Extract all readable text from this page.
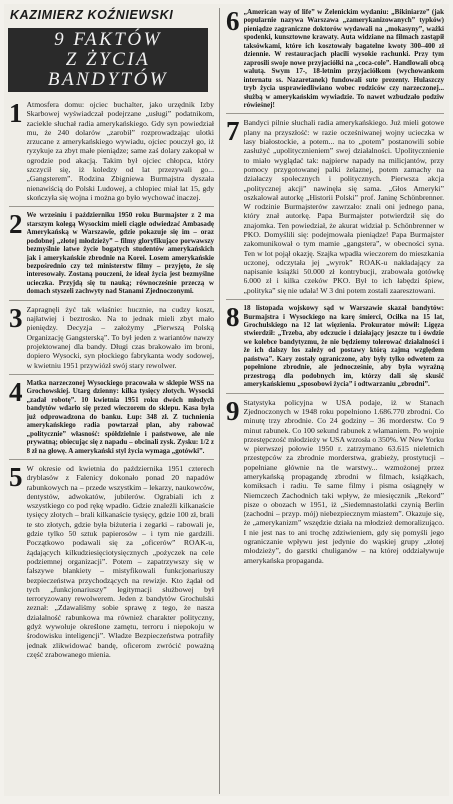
KAZIMIERZ KOŹNIEWSKI
9 FAKTÓW
Z ŻYCIA BANDYTÓW
1 Atmosfera domu: ojciec buchalter, jako urzędnik Izby Skarbowej wyświadczał podejrzane „usługi” podatnikom, zaciekle słuchał radia amerykańskiego. Gdy syn powiedział mu, że 240 dolarów „zarobił” rozprowadzając ulotki zrzucane z amerykańskiego wywiadu, ojciec pouczył go, iż ryzykuje za zbyt małe pieniądze; same zaś dolary zakopał w ogrodzie pod akacją. Takim był ojciec chłopca, który szczycił się, iż koledzy od lat przezywali go... „Gangsterem”. Rodzina Zbigniewa Burmajstra dyszała nienawiścią do Polski Ludowej, a chłopiec miał lat 15, gdy skończyła się wojna i można go było wychować inaczej.

2 We wrześniu i październiku 1950 roku Burmajster z 2 ma starszym kolegą Wysockim mieli ciągle odwiedzać Ambasadę Amerykańską w Warszawie, gdzie pokazuje się im – oraz podobnej „złotej młodzieży” – filmy gloryfikujące porwawszy bezmyślnie łatwe życie bogatych studentów amerykańskich jak i amerykańskie zbrodnie na Korei. Losem amerykańskie bezpośrednio czy też ministerstw filmy – przyjęto, że się interesowały. Zostaną pouczeni, że ideał życia jest bezmyślne ucieczka. Przyjdą się tu nauką; równocześnie przeczą w domach styszeli zachwyty nad Stanami Zjednoczonymi.

3 Zapragnęli żyć tak właśnie: hucznie, na cudzy koszt, najłatwiej i beztrosko. Na to jednak mieli zbyt mało pieniędzy. Decyzja – założymy „Pierwszą Polską Organizację Gangsterską”. To był jeden z wariantów nawzy projektowanej dla bandy. Długi czas brakowało im broni, dopiero Wysocki, syn płockiego fabrykanta wody sodowej, w kwietniu 1951 przywiózł swój stary rewolwer.

4 Matka narzeczonej Wysockiego pracowała w sklepie WSS na Grochowskiej. Utarg dzienny: kilka tysięcy złotych. Wysocki „zadał robotę”. 10 kwietnia 1951 roku dwóch młodych bandytów wdarło się przed wieczorem do sklepu. Kasa była już odprowadzona do banku. Łup: 348 zł. Z tuchnienia amerykańskiego radia powtarzał plan, aby rabować „politycznie” własność: spółdzielnie i państwowe, ale nie prywatną; obiecując się z napadu – obcinali zysk. Zysku: 1/2 z 8 zł na głowę. A amerykański styl życia wymaga „gotówki”.

5 W okresie od kwietnia do października 1951 czterech dryblasów z Falenicy dokonało ponad 20 napadów rabunkowych na – przede wszystkim – lekarzy, naukowców, dentystów, adwokatów, jubilerów. Ograbiali ich z wszystkiego co pod rękę wpadło. Gdzie znaleźli kilkanaście tysięcy złotych – brali kilkanaście tysięcy, gdzie 100 zł, brali te sto złotych, gdzie była biżuteria i zegarki – rabowali je, gdzie tylko 50 sztuk papierosów – i tym nie gardzili. Początkowo podawali się za „oficerów” ROAK-u, żądających kilkudziesięciotysięcznych „pożyczek na cele podziemnej organizacji”. Potem – zapatrzywszy się w fałszywe blankiety – mistyfikowali funkcjonariuszy bezpieczeństwa przychodzących na rewizje. Kto żądał od tych „funkcjonariuszy” legitymacji służbowej był terroryzowany rewolwerem. Jeden z bandytów Grochulski zeznał: „Zdawaliśmy sobie sprawę z tego, że nasza działalność rabunkowa ma również charakter polityczny, gdyż wywołuje określone zamętu, terroru i niepokoju w środowisku inteligencji”. Władze Bezpieczeństwa potrafiły jednak zlikwidować bandę, oficerom zwrócić poważną część zrabowanego mienia.

6 „American way of life” w Żelenickim wydaniu: „Bikiniarze” (jak popularnie nazywa Warszawa „zamerykanizowanych” typków) pieniądze zagraniczne doktorów wydawali na „mokasyny”, ważki spodenki, kunsztowne krawaty. Auta widziane na filmach zastąpił taksówkami, które ich kosztowały bagatelne kwoty 300–400 zł dziennie. W restauracjach płacili wysokie rachunki. Przy tym zaprosili swoje nowe przyjaciółki na „coca-cole”. Handlowali obcą walutą. Swym 17-, 18-letnim przyjaciółkom (wychowankom internatu ss. Nazaretanek) fundowali sute prezenty. Hulaszczy tryb życia usprawiedliwiano wobec rodziców czy narzeczonej... służbą w amerykańskim wywiadzie. To nawet wzbudzało podziw rówieśnej!

7 Bandyci pilnie słuchali radia amerykańskiego. Już mieli gotowe plany na przyszłość: w razie ocześniwanej wojny ucieczka w lasy białostockie, a potem... na to „potem” postanowili sobie zasłużyć „upolitycznieniem” swej działalności. Upolitycznienie to miało wyglądać tak: najpierw napady na milicjantów, przy pomocy przygotowanej palki żelaznej, potem zamachy na działaczy społecznych i politycznych. Pierwsza akcja „politycznej akcji” nawinęła się sama. „Głos Ameryki” oszkalował autorkę „Historii Polski” prof. Janinę Schönbrenner. W rodzinie Burmajsterów zawrzało: znali oni jednego pana, który znał autorkę. Papa Burmajster potwierdził się do znajomka. Ten powiedział, że akurat widział p. Schönbrenner w PKO. Domyślili się: podejmowała pieniądze! Papa Burmajster zakomunikował o tym mamie „gangstera”, w obecności syna. Ten w lot pojął okazję. Szajka wpadła wieczorem do mieszkania uczonej, odczytała jej „wyrok” ROAK-u nakładający za napisanie książki 50.000 zł kontrybucji, zrabowała gotówkę 6.000 zł i kilka czeków PKO. Był to ich łabędzi śpiew, „polityka” się nie udała! W 3 dni potem zostali zaaresztowani.

8 18 listopada wojskowy sąd w Warszawie skazał bandytów: Burmajstra i Wysockiego na karę śmierci, Ociłka na 15 lat, Grochulskiego na 12 lat więzienia. Prokurator mówił: Ligęza stwierdził: „Trzeba, aby odczucie i działający jeszcze tu i ówdzie we kolebce bandytyzmu, że nie będziemy tolerować działalności i że ich dalszy los zależy od postawy którą zajmą względem państwa”. Kary zostały ograniczone, aby były tylko odwetem za popełnione zbrodnie, ale jednocześnie, aby była wyraźną przestrogą dla podobnych im, którzy dali się skusić amerykańskiemu „sposobowi życia” i odtwarzaniu „zbrodni”.

9 Statystyka policyjna w USA podaje, iż w Stanach Zjednoczonych w 1948 roku popełniono 1.686.770 zbrodni. Co minutę trzy zbrodnie. Co 24 godziny – 36 morderstw. Co 9 minut rabunek. Co 100 sekund rabunek z włamaniem. Po wojnie przestępczość młodzieży w USA wzrosła o 350%. W New Yorku w pierwszej połowie 1950 r. zatrzymano 63.615 nieletnich przestępców za zbrodnie morderstwa, grabieży, prostytucji – popełniane głównie na tle warstwy... wzmożonej przez amerykańską propagandę zbrodni w filmach, książkach, komiksach i radiu. Te same filmy i pisma osiągnęły w Niemczech Zachodnich taki wpływ, że miesięcznik „Rekord” pisze o obozach w 1951, iż „Siedemnastolatki czynią Berlin (zachodni – przyp. mój) niebezpiecznym miastem”. Okazuje się, że „amerykanizm” wszędzie działa na młodzież demoralizująco. I nie jest nas to ani trochę zdziwieniem, gdy się pomyśli jego ograniczanie wpływu jest jedynie do wąskiej grupy „złotej młodzieży”, do garstki chuliganów – na której oddziaływuje amerykańska propaganda.
